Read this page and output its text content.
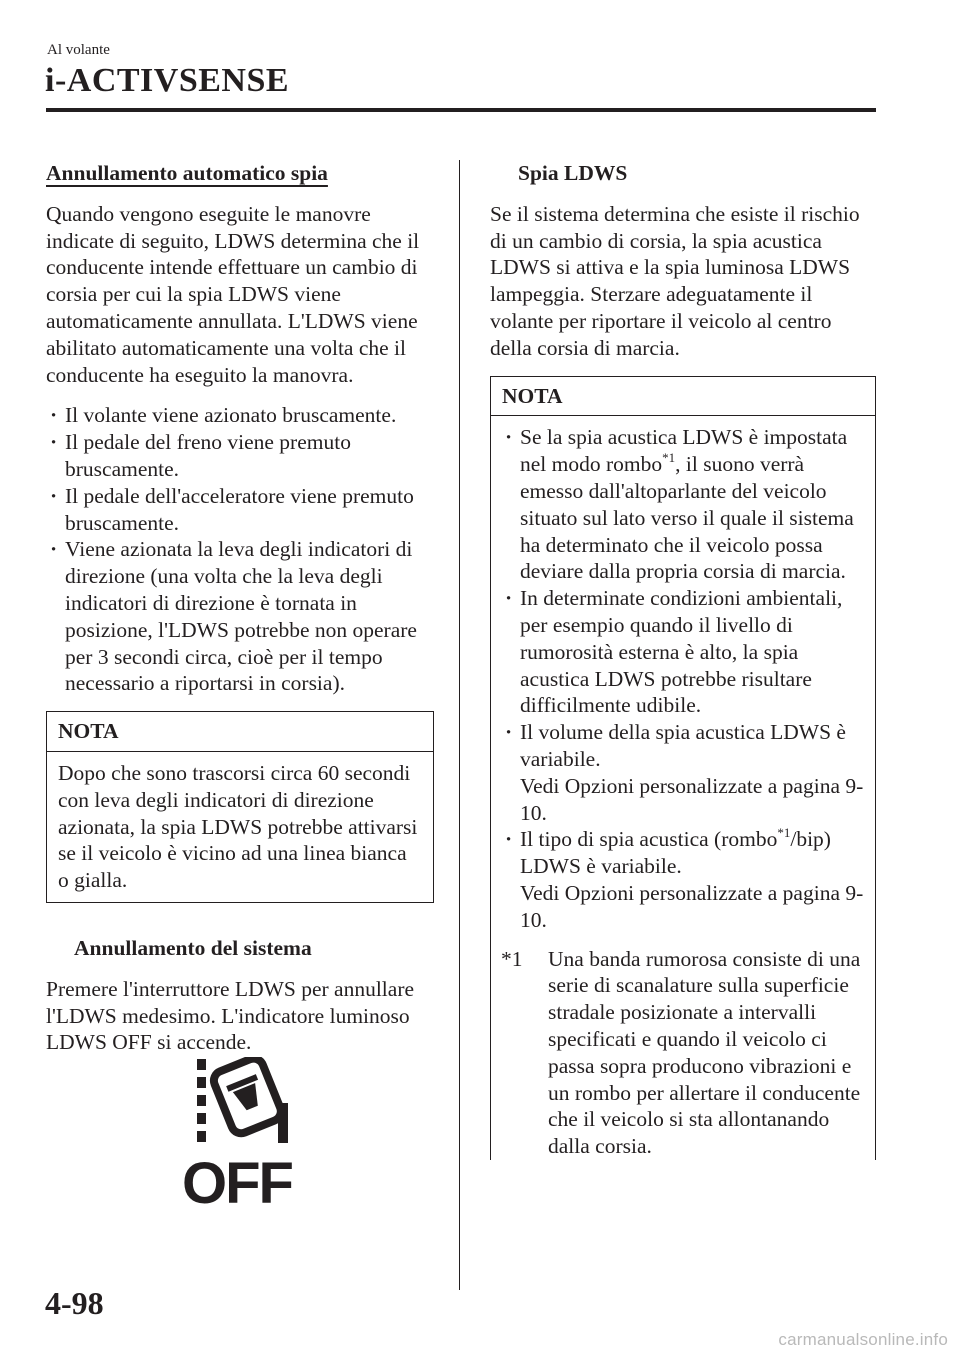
Al volante
i-ACTIVSENSE

Annullamento automatico spia

Quando vengono eseguite le manovre indicate di seguito, LDWS determina che il conducente intende effettuare un cambio di corsia per cui la spia LDWS viene automaticamente annullata. L'LDWS viene abilitato automaticamente una volta che il conducente ha eseguito la manovra.

· Il volante viene azionato bruscamente.
· Il pedale del freno viene premuto bruscamente.
· Il pedale dell'acceleratore viene premuto bruscamente.
· Viene azionata la leva degli indicatori di direzione (una volta che la leva degli indicatori di direzione è tornata in posizione, l'LDWS potrebbe non operare per 3 secondi circa, cioè per il tempo necessario a riportarsi in corsia).
NOTA
Dopo che sono trascorsi circa 60 secondi con leva degli indicatori di direzione azionata, la spia LDWS potrebbe attivarsi se il veicolo è vicino ad una linea bianca o gialla.

Annullamento del sistema

Premere l'interruttore LDWS per annullare l'LDWS medesimo. L'indicatore luminoso LDWS OFF si accende.

OFF

Spia LDWS

Se il sistema determina che esiste il rischio di un cambio di corsia, la spia acustica LDWS si attiva e la spia luminosa LDWS lampeggia. Sterzare adeguatamente il volante per riportare il veicolo al centro della corsia di marcia.

NOTA
· Se la spia acustica LDWS è impostata nel modo rombo$^{*1}$, il suono verrà emesso dall'altoparlante del veicolo situato sul lato verso il quale il sistema ha determinato che il veicolo possa deviare dalla propria corsia di marcia.
· In determinate condizioni ambientali, per esempio quando il livello di rumorosità esterna è alto, la spia acustica LDWS potrebbe risultare difficilmente udibile.
· Il volume della spia acustica LDWS è variabile.
Vedi Opzioni personalizzate a pagina 9-10.
· Il tipo di spia acustica (rombo$^{*1}$/bip) LDWS è variabile.
Vedi Opzioni personalizzate a pagina 9-10.
*1 Una banda rumorosa consiste di una serie di scanalature sulla superficie stradale posizionate a intervalli specificati e quando il veicolo ci passa sopra producono vibrazioni e un rombo per allertare il conducente che il veicolo si sta allontanando dalla corsia.
4-98
carmanualsonline.info
